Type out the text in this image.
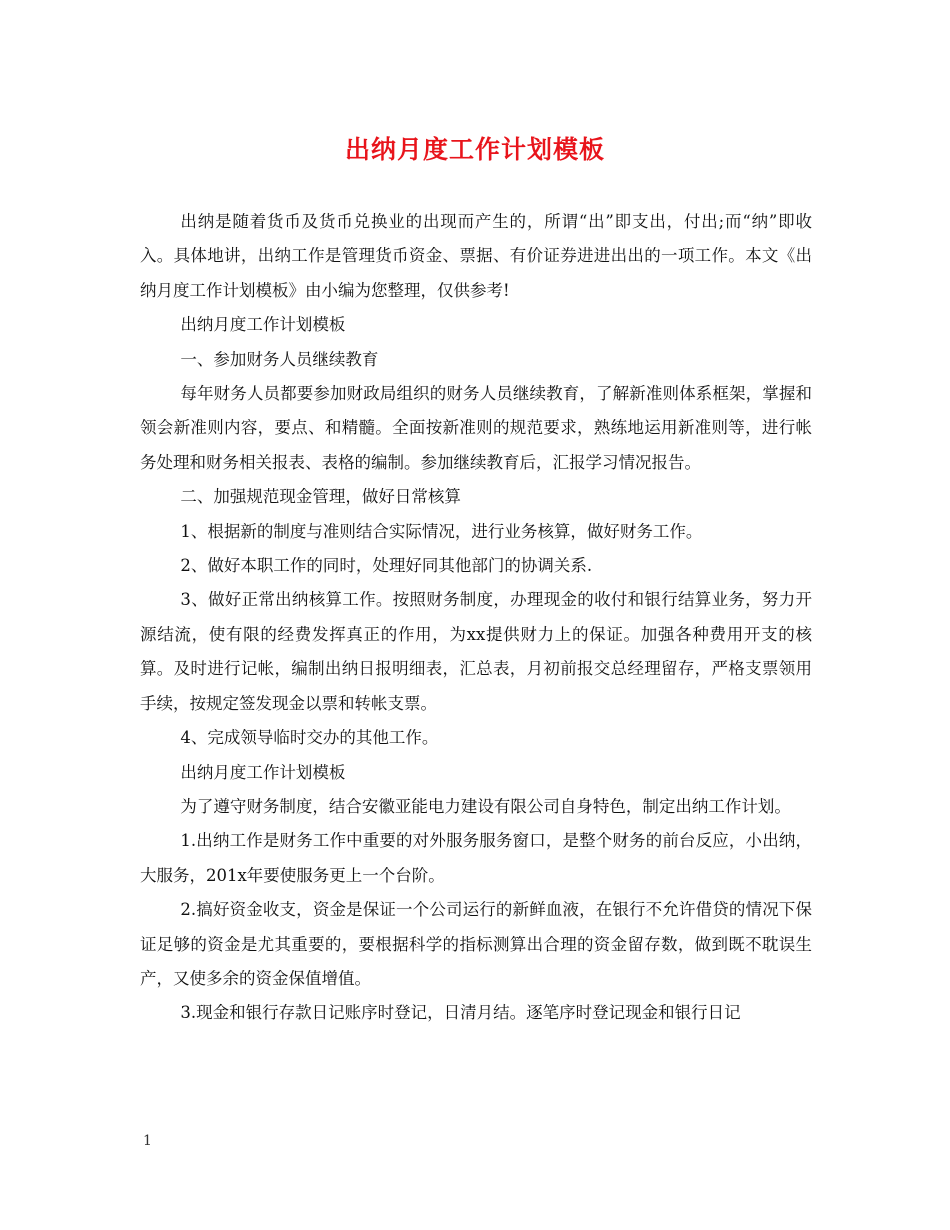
出纳月度工作计划模板

出纳是随着货币及货币兑换业的出现而产生的，所谓“出”即支出，付出;而“纳”即收入。具体地讲，出纳工作是管理货币资金、票据、有价证券进进出出的一项工作。本文《出纳月度工作计划模板》由小编为您整理，仅供参考!

出纳月度工作计划模板

一、参加财务人员继续教育

每年财务人员都要参加财政局组织的财务人员继续教育，了解新准则体系框架，掌握和领会新准则内容，要点、和精髓。全面按新准则的规范要求，熟练地运用新准则等，进行帐务处理和财务相关报表、表格的编制。参加继续教育后，汇报学习情况报告。

二、加强规范现金管理，做好日常核算

1、根据新的制度与准则结合实际情况，进行业务核算，做好财务工作。

2、做好本职工作的同时，处理好同其他部门的协调关系.

3、做好正常出纳核算工作。按照财务制度，办理现金的收付和银行结算业务，努力开源结流，使有限的经费发挥真正的作用，为xx提供财力上的保证。加强各种费用开支的核算。及时进行记帐，编制出纳日报明细表，汇总表，月初前报交总经理留存，严格支票领用手续，按规定签发现金以票和转帐支票。

4、完成领导临时交办的其他工作。

出纳月度工作计划模板

为了遵守财务制度，结合安徽亚能电力建设有限公司自身特色，制定出纳工作计划。

1.出纳工作是财务工作中重要的对外服务服务窗口，是整个财务的前台反应，小出纳，大服务，201x年要使服务更上一个台阶。

2.搞好资金收支，资金是保证一个公司运行的新鲜血液，在银行不允许借贷的情况下保证足够的资金是尤其重要的，要根据科学的指标测算出合理的资金留存数，做到既不耽误生产，又使多余的资金保值增值。

3.现金和银行存款日记账序时登记，日清月结。逐笔序时登记现金和银行日记

1
